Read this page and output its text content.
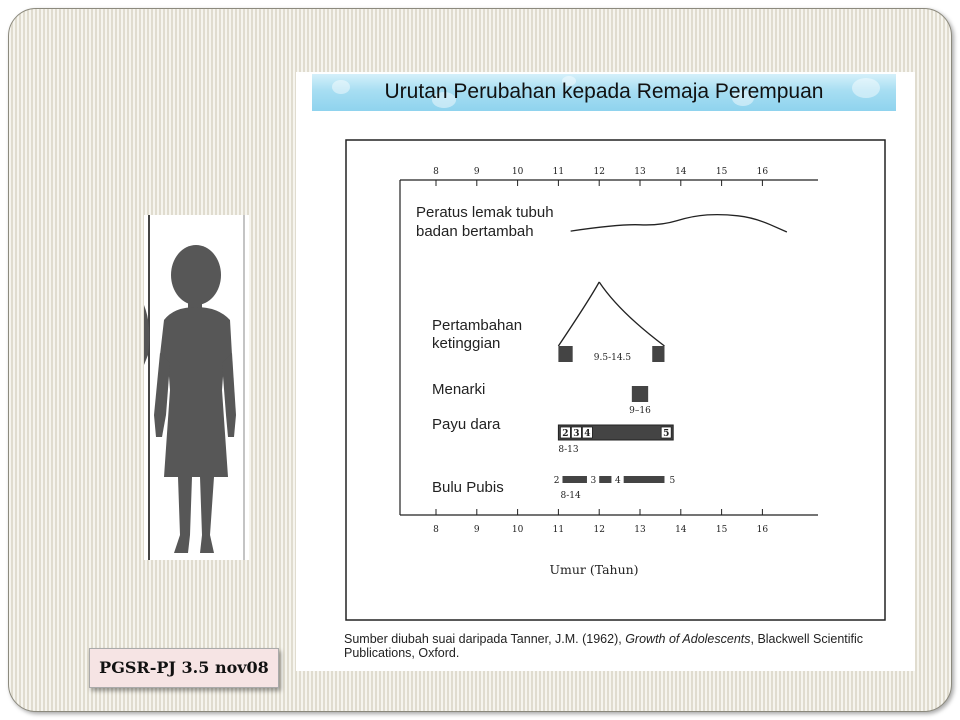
Urutan Perubahan kepada Remaja Perempuan
8	9	10	11	12	13	14	15	16
8	9	10	11	12	13	14	15	16
Peratus lemak tubuh
badan bertambah
Pertambahan
ketinggian
Menarki
Payu dara
Bulu Pubis
9.5-14.5
9–16
2 3 4	5
8-13
2	3 4	5
8-14
Umur (Tahun)
Sumber diubah suai daripada Tanner, J.M. (1962), Growth of Adolescents, Blackwell Scientific Publications, Oxford.
PGSR-PJ 3.5 nov08
